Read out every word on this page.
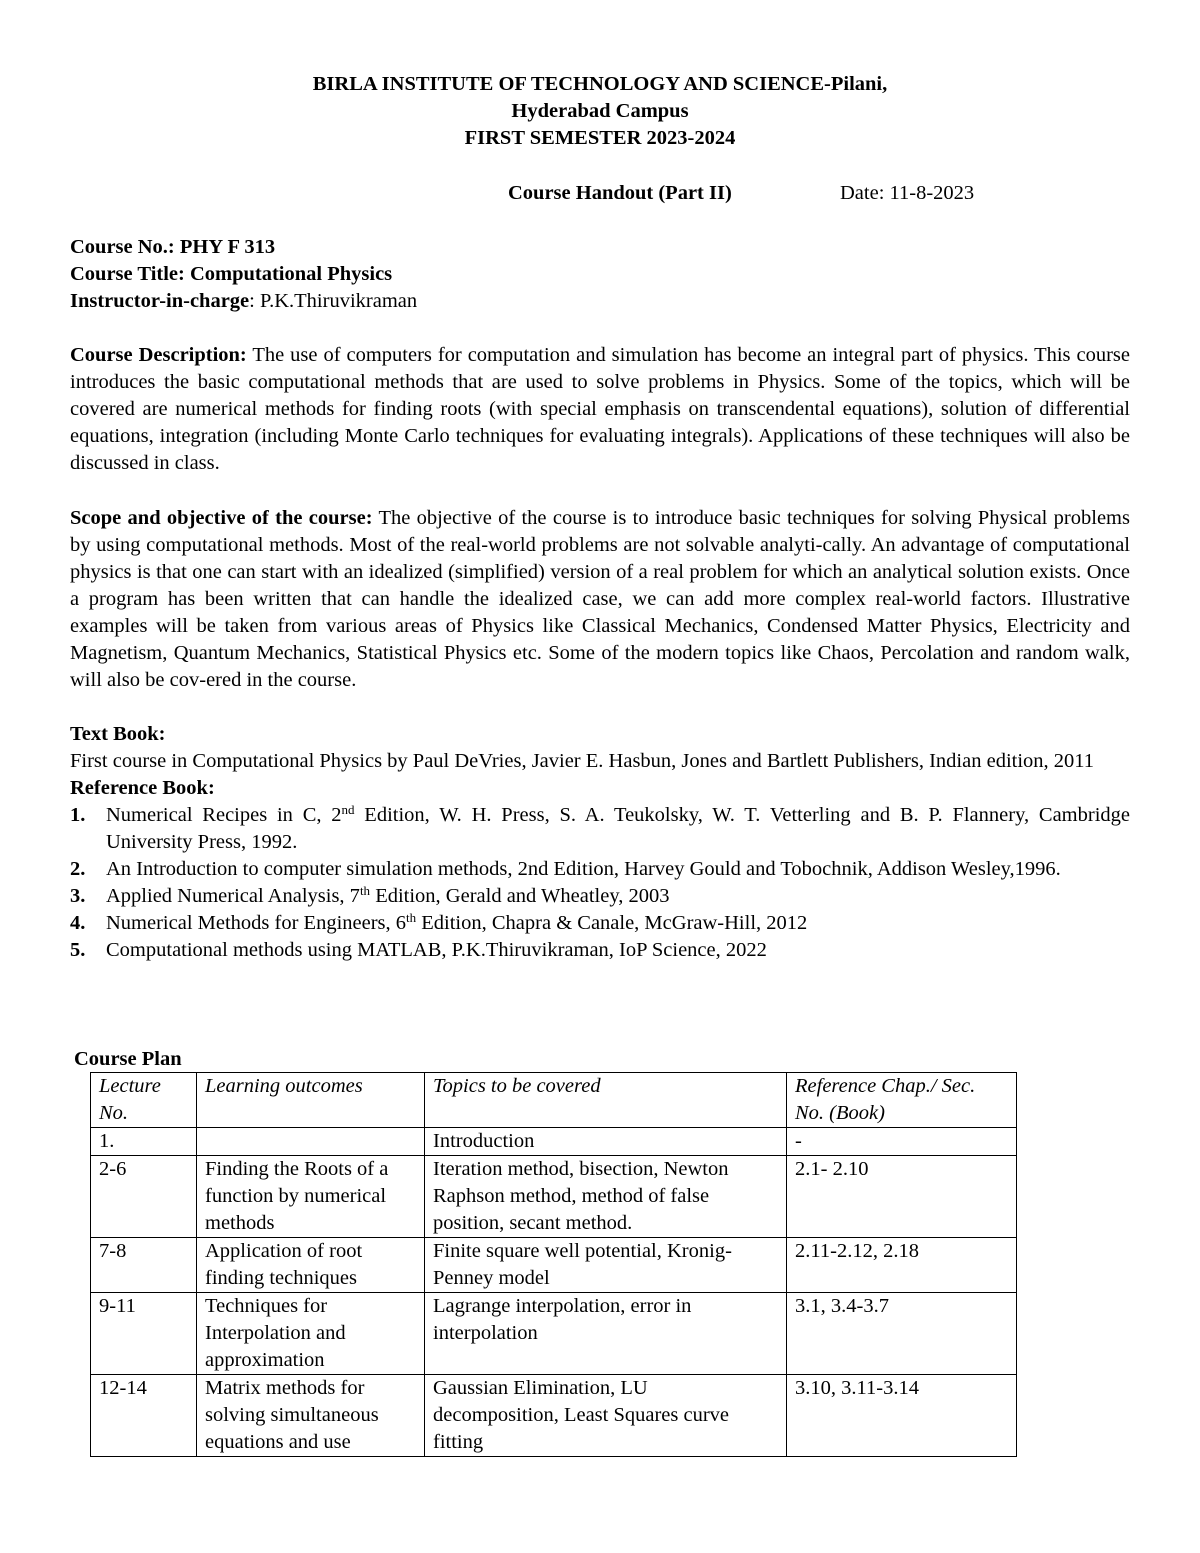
BIRLA INSTITUTE OF TECHNOLOGY AND SCIENCE-Pilani,
Hyderabad Campus
FIRST SEMESTER 2023-2024
Course Handout (Part II)	Date: 11-8-2023
Course No.: PHY F 313
Course Title: Computational Physics
Instructor-in-charge: P.K.Thiruvikraman
Course Description: The use of computers for computation and simulation has become an integral part of physics. This course introduces the basic computational methods that are used to solve problems in Physics. Some of the topics, which will be covered are numerical methods for finding roots (with special emphasis on transcendental equations), solution of differential equations, integration (including Monte Carlo techniques for evaluating integrals). Applications of these techniques will also be discussed in class.
Scope and objective of the course: The objective of the course is to introduce basic techniques for solving Physical problems by using computational methods. Most of the real-world problems are not solvable analyti-cally. An advantage of computational physics is that one can start with an idealized (simplified) version of a real problem for which an analytical solution exists. Once a program has been written that can handle the idealized case, we can add more complex real-world factors. Illustrative examples will be taken from various areas of Physics like Classical Mechanics, Condensed Matter Physics, Electricity and Magnetism, Quantum Mechanics, Statistical Physics etc. Some of the modern topics like Chaos, Percolation and random walk, will also be cov-ered in the course.
Text Book:
First course in Computational Physics by Paul DeVries, Javier E. Hasbun, Jones and Bartlett Publishers, Indian edition, 2011
Reference Book:
1. Numerical Recipes in C, 2nd Edition, W. H. Press, S. A. Teukolsky, W. T. Vetterling and B. P. Flannery, Cambridge University Press, 1992.
2. An Introduction to computer simulation methods, 2nd Edition, Harvey Gould and Tobochnik, Addison Wesley,1996.
3. Applied Numerical Analysis, 7th Edition, Gerald and Wheatley, 2003
4. Numerical Methods for Engineers, 6th Edition, Chapra & Canale, McGraw-Hill, 2012
5. Computational methods using MATLAB, P.K.Thiruvikraman, IoP Science, 2022
Course Plan
Lecture No.	Learning outcomes	Topics to be covered	Reference Chap./ Sec. No. (Book)
1.		Introduction	-
2-6	Finding the Roots of a function by numerical methods	Iteration method, bisection, Newton Raphson method, method of false position, secant method.	2.1- 2.10
7-8	Application of root finding techniques	Finite square well potential, Kronig-Penney model	2.11-2.12, 2.18
9-11	Techniques for Interpolation and approximation	Lagrange interpolation, error in interpolation	3.1, 3.4-3.7
12-14	Matrix methods for solving simultaneous equations and use	Gaussian Elimination, LU decomposition, Least Squares curve fitting	3.10, 3.11-3.14
